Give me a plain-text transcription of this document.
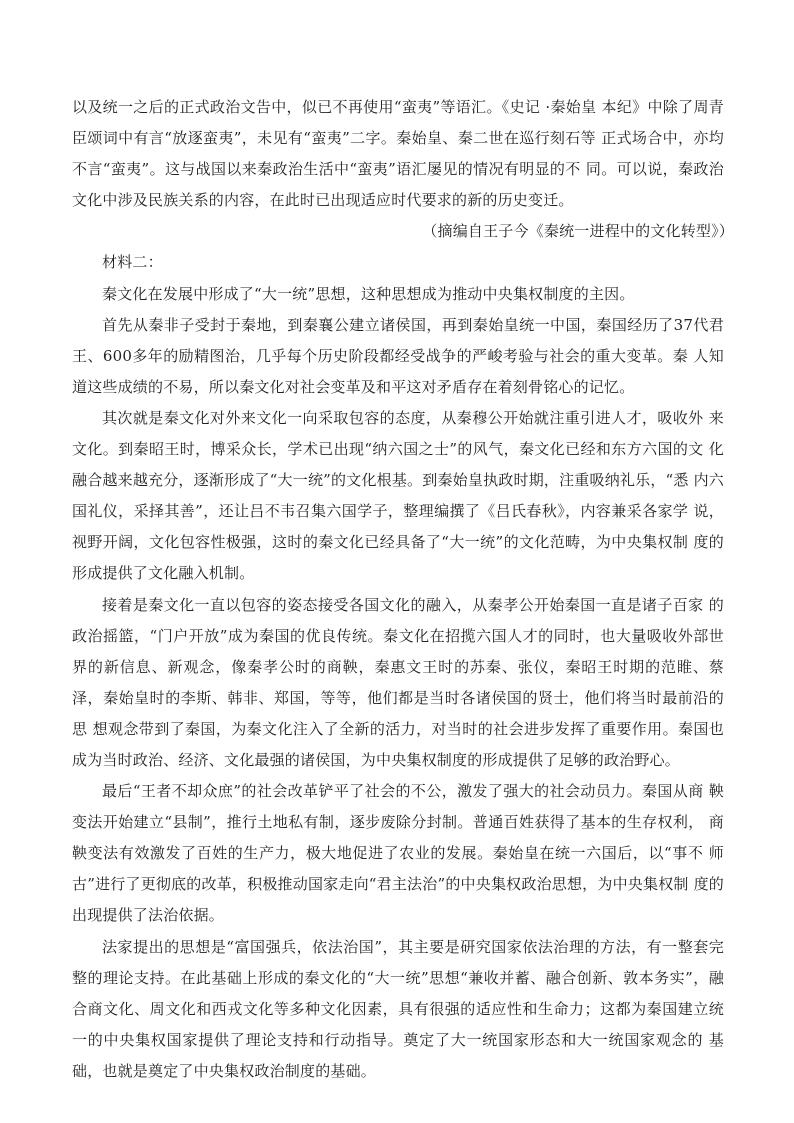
以及统一之后的正式政治文告中，似已不再使用“蛮夷”等语汇。《史记 ·秦始皇 本纪》中除了周青臣颂词中有言“放逐蛮夷”，未见有“蛮夷”二字。秦始皇、秦二世在巡行刻石等 正式场合中，亦均不言“蛮夷”。这与战国以来秦政治生活中“蛮夷”语汇屡见的情况有明显的不 同。可以说，秦政治文化中涉及民族关系的内容，在此时已出现适应时代要求的新的历史变迁。

（摘编自王子今《秦统一进程中的文化转型》）

材料二：

秦文化在发展中形成了“大一统”思想，这种思想成为推动中央集权制度的主因。

首先从秦非子受封于秦地，到秦襄公建立诸侯国，再到秦始皇统一中国，秦国经历了37代君王、600多年的励精图治，几乎每个历史阶段都经受战争的严峻考验与社会的重大变革。秦 人知道这些成绩的不易，所以秦文化对社会变革及和平这对矛盾存在着刻骨铭心的记忆。

其次就是秦文化对外来文化一向采取包容的态度，从秦穆公开始就注重引进人才，吸收外 来文化。到秦昭王时，博采众长，学术已出现“纳六国之士”的风气，秦文化已经和东方六国的文 化融合越来越充分，逐渐形成了“大一统”的文化根基。到秦始皇执政时期，注重吸纳礼乐，“悉 内六国礼仪，采择其善”，还让吕不韦召集六国学子，整理编撰了《吕氏春秋》，内容兼采各家学 说，视野开阔，文化包容性极强，这时的秦文化已经具备了“大一统”的文化范畴，为中央集权制 度的形成提供了文化融入机制。

接着是秦文化一直以包容的姿态接受各国文化的融入，从秦孝公开始秦国一直是诸子百家 的政治摇篮，“门户开放”成为秦国的优良传统。秦文化在招揽六国人才的同时，也大量吸收外部世界的新信息、新观念，像秦孝公时的商鞅，秦惠文王时的苏秦、张仪，秦昭王时期的范睢、蔡 泽，秦始皇时的李斯、韩非、郑国，等等，他们都是当时各诸侯国的贤士，他们将当时最前沿的思 想观念带到了秦国，为秦文化注入了全新的活力，对当时的社会进步发挥了重要作用。秦国也 成为当时政治、经济、文化最强的诸侯国，为中央集权制度的形成提供了足够的政治野心。

最后“王者不却众庶”的社会改革铲平了社会的不公，激发了强大的社会动员力。秦国从商 鞅变法开始建立“县制”，推行土地私有制，逐步废除分封制。普通百姓获得了基本的生存权利， 商鞅变法有效激发了百姓的生产力，极大地促进了农业的发展。秦始皇在统一六国后，以“事不 师古”进行了更彻底的改革，积极推动国家走向“君主法治”的中央集权政治思想，为中央集权制 度的出现提供了法治依据。

法家提出的思想是“富国强兵，依法治国”，其主要是研究国家依法治理的方法，有一整套完 整的理论支持。在此基础上形成的秦文化的“大一统”思想“兼收并蓄、融合创新、敦本务实”，融 合商文化、周文化和西戎文化等多种文化因素，具有很强的适应性和生命力；这都为秦国建立统 一的中央集权国家提供了理论支持和行动指导。奠定了大一统国家形态和大一统国家观念的 基础，也就是奠定了中央集权政治制度的基础。
